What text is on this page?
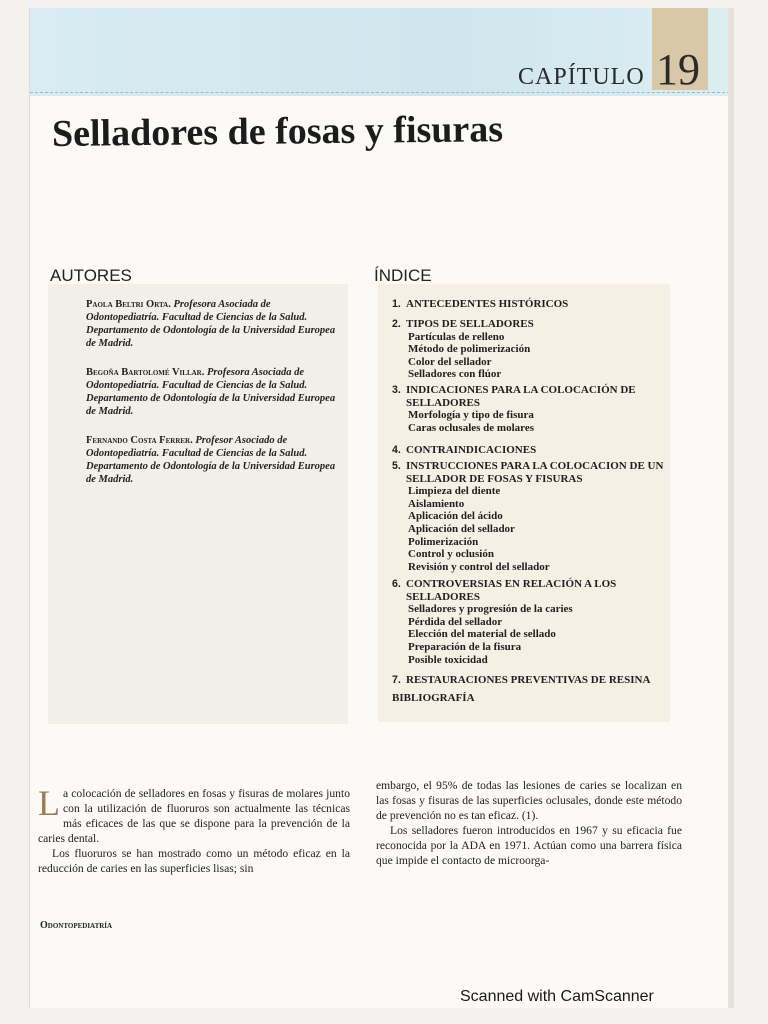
CAPÍTULO 19
Selladores de fosas y fisuras
AUTORES
Paola Beltri Orta. Profesora Asociada de Odontopediatría. Facultad de Ciencias de la Salud. Departamento de Odontología de la Universidad Europea de Madrid.
Begoña Bartolomé Villar. Profesora Asociada de Odontopediatría. Facultad de Ciencias de la Salud. Departamento de Odontología de la Universidad Europea de Madrid.
Fernando Costa Ferrer. Profesor Asociado de Odontopediatría. Facultad de Ciencias de la Salud. Departamento de Odontología de la Universidad Europea de Madrid.
ÍNDICE
1. ANTECEDENTES HISTÓRICOS
2. TIPOS DE SELLADORES
Partículas de relleno
Método de polimerización
Color del sellador
Selladores con flúor
3. INDICACIONES PARA LA COLOCACIÓN DE SELLADORES
Morfología y tipo de fisura
Caras oclusales de molares
4. CONTRAINDICACIONES
5. INSTRUCCIONES PARA LA COLOCACION DE UN SELLADOR DE FOSAS Y FISURAS
Limpieza del diente
Aislamiento
Aplicación del ácido
Aplicación del sellador
Polimerización
Control y oclusión
Revisión y control del sellador
6. CONTROVERSIAS EN RELACIÓN A LOS SELLADORES
Selladores y progresión de la caries
Pérdida del sellador
Elección del material de sellado
Preparación de la fisura
Posible toxicidad
7. RESTAURACIONES PREVENTIVAS DE RESINA
BIBLIOGRAFÍA

La colocación de selladores en fosas y fisuras de molares junto con la utilización de fluoruros son actualmente las técnicas más eficaces de las que se dispone para la prevención de la caries dental.

Los fluoruros se han mostrado como un método eficaz en la reducción de caries en las superficies lisas; sin

embargo, el 95% de todas las lesiones de caries se localizan en las fosas y fisuras de las superficies oclusales, donde este método de prevención no es tan eficaz. (1).

Los selladores fueron introducidos en 1967 y su eficacia fue reconocida por la ADA en 1971. Actúan como una barrera física que impide el contacto de microorga-

Odontopediatría
Scanned with CamScanner
